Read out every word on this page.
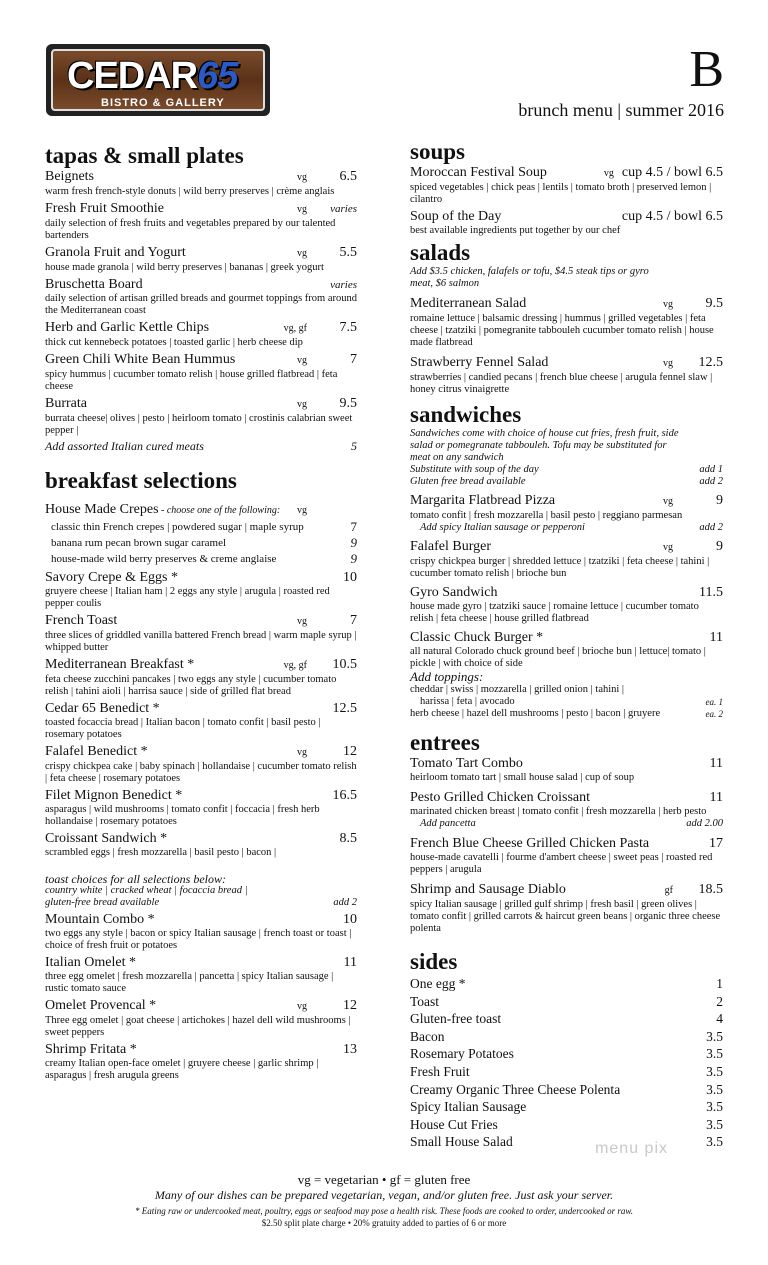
CEDAR65
BISTRO & GALLERY
B
brunch menu | summer 2016
tapas & small plates
Beignets	vg	6.5
warm fresh french-style donuts | wild berry preserves | crème anglais
Fresh Fruit Smoothie	vg	varies
daily selection of fresh fruits and vegetables prepared by our talented bartenders
Granola Fruit and Yogurt	vg	5.5
house made granola | wild berry preserves | bananas | greek yogurt
Bruschetta Board	varies
daily selection of artisan grilled breads and gourmet toppings from around the Mediterranean coast
Herb and Garlic Kettle Chips	vg, gf	7.5
thick cut kennebeck potatoes | toasted garlic | herb cheese dip
Green Chili White Bean Hummus	vg	7
spicy hummus | cucumber tomato relish | house grilled flatbread | feta cheese
Burrata	vg	9.5
burrata cheese| olives | pesto | heirloom tomato | crostinis calabrian sweet pepper |
Add assorted Italian cured meats	5
breakfast selections
House Made Crepes - choose one of the following:	vg
classic thin French crepes | powdered sugar | maple syrup	7
banana rum pecan brown sugar caramel	9
house-made wild berry preserves & creme anglaise	9
Savory Crepe & Eggs *	10
gruyere cheese | Italian ham | 2 eggs any style | arugula | roasted red pepper coulis
French Toast	vg	7
three slices of griddled vanilla battered French bread | warm maple syrup | whipped butter
Mediterranean Breakfast *	vg, gf	10.5
feta cheese zucchini pancakes | two eggs any style | cucumber tomato relish | tahini aioli | harrisa sauce | side of grilled flat bread
Cedar 65 Benedict *	12.5
toasted focaccia bread | Italian bacon | tomato confit | basil pesto | rosemary potatoes
Falafel Benedict *	vg	12
crispy chickpea cake | baby spinach | hollandaise | cucumber tomato relish | feta cheese | rosemary potatoes
Filet Mignon Benedict *	16.5
asparagus | wild mushrooms | tomato confit | foccacia | fresh herb hollandaise | rosemary potatoes
Croissant Sandwich *	8.5
scrambled eggs | fresh mozzarella | basil pesto | bacon |
toast choices for all selections below:
country white | cracked wheat | focaccia bread |
gluten-free bread available	add 2
Mountain Combo *	10
two eggs any style | bacon or spicy Italian sausage | french toast or toast | choice of fresh fruit or potatoes
Italian Omelet *	11
three egg omelet | fresh mozzarella | pancetta | spicy Italian sausage | rustic tomato sauce
Omelet Provencal *	vg	12
Three egg omelet | goat cheese | artichokes | hazel dell wild mushrooms | sweet peppers
Shrimp Fritata *	13
creamy Italian open-face omelet | gruyere cheese | garlic shrimp | asparagus | fresh arugula greens
soups
Moroccan Festival Soup	vg cup 4.5 / bowl 6.5
spiced vegetables | chick peas | lentils | tomato broth | preserved lemon | cilantro
Soup of the Day	cup 4.5 / bowl 6.5
best available ingredients put together by our chef
salads
Add $3.5 chicken, falafels or tofu, $4.5 steak tips or gyro meat, $6 salmon
Mediterranean Salad	vg	9.5
romaine lettuce | balsamic dressing | hummus | grilled vegetables | feta cheese | tzatziki | pomegranite tabbouleh cucumber tomato relish | house made flatbread
Strawberry Fennel Salad	vg	12.5
strawberries | candied pecans | french blue cheese | arugula fennel slaw | honey citrus vinaigrette
sandwiches
Sandwiches come with choice of house cut fries, fresh fruit, side salad or pomegranate tabbouleh. Tofu may be substituted for meat on any sandwich
Substitute with soup of the day	add 1
Gluten free bread available	add 2
Margarita Flatbread Pizza	vg	9
tomato confit | fresh mozzarella | basil pesto | reggiano parmesan
Add spicy Italian sausage or pepperoni	add 2
Falafel Burger	vg	9
crispy chickpea burger | shredded lettuce | tzatziki | feta cheese | tahini | cucumber tomato relish | brioche bun
Gyro Sandwich	11.5
house made gyro | tzatziki sauce | romaine lettuce | cucumber tomato relish | feta cheese | house grilled flatbread
Classic Chuck Burger *	11
all natural Colorado chuck ground beef | brioche bun | lettuce| tomato | pickle | with choice of side
Add toppings:
cheddar | swiss | mozzarella | grilled onion | tahini |
harissa | feta | avocado	ea. 1
herb cheese | hazel dell mushrooms | pesto | bacon | gruyere	ea. 2
entrees
Tomato Tart Combo	11
heirloom tomato tart | small house salad | cup of soup
Pesto Grilled Chicken Croissant	11
marinated chicken breast | tomato confit | fresh mozzarella | herb pesto
Add pancetta	add 2.00
French Blue Cheese Grilled Chicken Pasta	17
house-made cavatelli | fourme d'ambert cheese | sweet peas | roasted red peppers | arugula
Shrimp and Sausage Diablo	gf	18.5
spicy Italian sausage | grilled gulf shrimp | fresh basil | green olives | tomato confit | grilled carrots & haircut green beans | organic three cheese polenta
sides
One egg *	1
Toast	2
Gluten-free toast	4
Bacon	3.5
Rosemary Potatoes	3.5
Fresh Fruit	3.5
Creamy Organic Three Cheese Polenta	3.5
Spicy Italian Sausage	3.5
House Cut Fries	3.5
Small House Salad	3.5
vg = vegetarian • gf = gluten free
Many of our dishes can be prepared vegetarian, vegan, and/or gluten free. Just ask your server.
* Eating raw or undercooked meat, poultry, eggs or seafood may pose a health risk. These foods are cooked to order, undercooked or raw.
$2.50 split plate charge • 20% gratuity added to parties of 6 or more
menu pix
